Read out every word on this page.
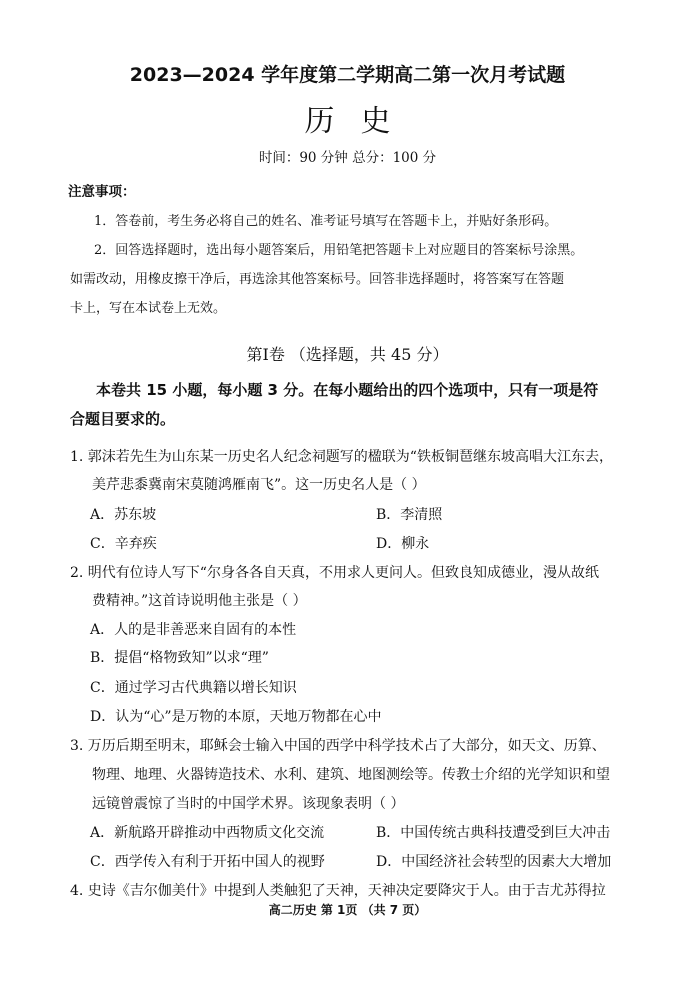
2023—2024 学年度第二学期高二第一次月考试题
历史
时间：90 分钟 总分：100 分
注意事项：
1．答卷前，考生务必将自己的姓名、准考证号填写在答题卡上，并贴好条形码。
2．回答选择题时，选出每小题答案后，用铅笔把答题卡上对应题目的答案标号涂黑。
如需改动，用橡皮擦干净后，再选涂其他答案标号。回答非选择题时，将答案写在答题
卡上，写在本试卷上无效。
第Ⅰ卷 （选择题，共 45 分）
本卷共 15 小题，每小题 3 分。在每小题给出的四个选项中，只有一项是符
合题目要求的。
1. 郭沫若先生为山东某一历史名人纪念祠题写的楹联为“铁板铜琶继东坡高唱大江东去，
美芹悲黍冀南宋莫随鸿雁南飞”。这一历史名人是（ ）
A．苏东坡	B．李清照
C．辛弃疾	D．柳永
2. 明代有位诗人写下“尔身各各自天真，不用求人更问人。但致良知成德业，漫从故纸
费精神。”这首诗说明他主张是（ ）
A．人的是非善恶来自固有的本性
B．提倡“格物致知”以求“理”
C．通过学习古代典籍以增长知识
D．认为“心”是万物的本原，天地万物都在心中
3. 万历后期至明末，耶稣会士输入中国的西学中科学技术占了大部分，如天文、历算、
物理、地理、火器铸造技术、水利、建筑、地图测绘等。传教士介绍的光学知识和望
远镜曾震惊了当时的中国学术界。该现象表明（ ）
A．新航路开辟推动中西物质文化交流	B．中国传统古典科技遭受到巨大冲击
C．西学传入有利于开拓中国人的视野	D．中国经济社会转型的因素大大增加
4. 史诗《吉尔伽美什》中提到人类触犯了天神，天神决定要降灾于人。由于吉尤苏得拉
高二历史 第 1页 （共 7 页）
